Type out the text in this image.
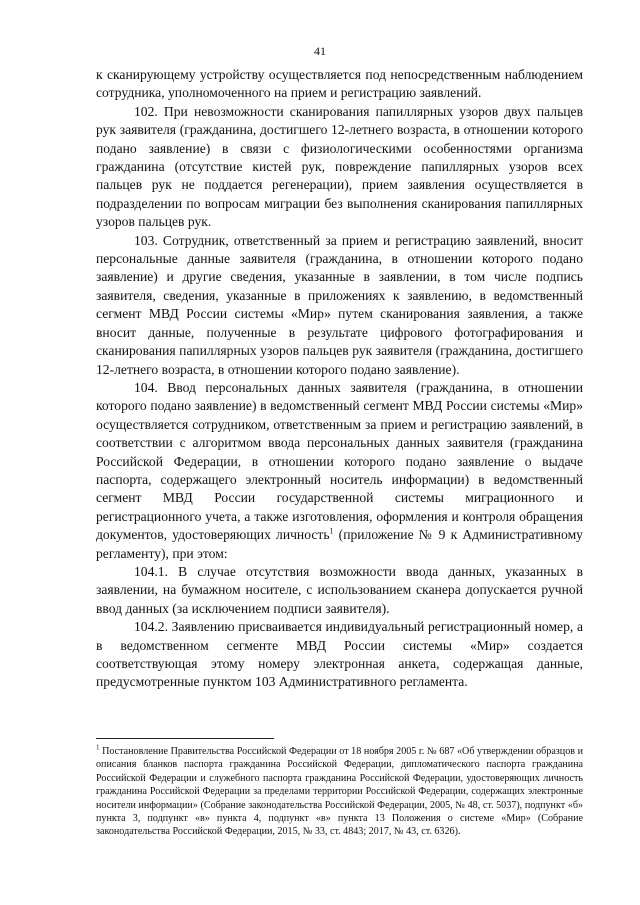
41

к сканирующему устройству осуществляется под непосредственным наблюдением сотрудника, уполномоченного на прием и регистрацию заявлений.

102. При невозможности сканирования папиллярных узоров двух пальцев рук заявителя (гражданина, достигшего 12-летнего возраста, в отношении которого подано заявление) в связи с физиологическими особенностями организма гражданина (отсутствие кистей рук, повреждение папиллярных узоров всех пальцев рук не поддается регенерации), прием заявления осуществляется в подразделении по вопросам миграции без выполнения сканирования папиллярных узоров пальцев рук.

103. Сотрудник, ответственный за прием и регистрацию заявлений, вносит персональные данные заявителя (гражданина, в отношении которого подано заявление) и другие сведения, указанные в заявлении, в том числе подпись заявителя, сведения, указанные в приложениях к заявлению, в ведомственный сегмент МВД России системы «Мир» путем сканирования заявления, а также вносит данные, полученные в результате цифрового фотографирования и сканирования папиллярных узоров пальцев рук заявителя (гражданина, достигшего 12-летнего возраста, в отношении которого подано заявление).

104. Ввод персональных данных заявителя (гражданина, в отношении которого подано заявление) в ведомственный сегмент МВД России системы «Мир» осуществляется сотрудником, ответственным за прием и регистрацию заявлений, в соответствии с алгоритмом ввода персональных данных заявителя (гражданина Российской Федерации, в отношении которого подано заявление о выдаче паспорта, содержащего электронный носитель информации) в ведомственный сегмент МВД России государственной системы миграционного и регистрационного учета, а также изготовления, оформления и контроля обращения документов, удостоверяющих личность$^1$ (приложение № 9 к Административному регламенту), при этом:

104.1. В случае отсутствия возможности ввода данных, указанных в заявлении, на бумажном носителе, с использованием сканера допускается ручной ввод данных (за исключением подписи заявителя).

104.2. Заявлению присваивается индивидуальный регистрационный номер, а в ведомственном сегменте МВД России системы «Мир» создается соответствующая этому номеру электронная анкета, содержащая данные, предусмотренные пунктом 103 Административного регламента.

$^1$ Постановление Правительства Российской Федерации от 18 ноября 2005 г. № 687 «Об утверждении образцов и описания бланков паспорта гражданина Российской Федерации, дипломатического паспорта гражданина Российской Федерации и служебного паспорта гражданина Российской Федерации, удостоверяющих личность гражданина Российской Федерации за пределами территории Российской Федерации, содержащих электронные носители информации» (Собрание законодательства Российской Федерации, 2005, № 48, ст. 5037), подпункт «б» пункта 3, подпункт «в» пункта 4, подпункт «в» пункта 13 Положения о системе «Мир» (Собрание законодательства Российской Федерации, 2015, № 33, ст. 4843; 2017, № 43, ст. 6326).
